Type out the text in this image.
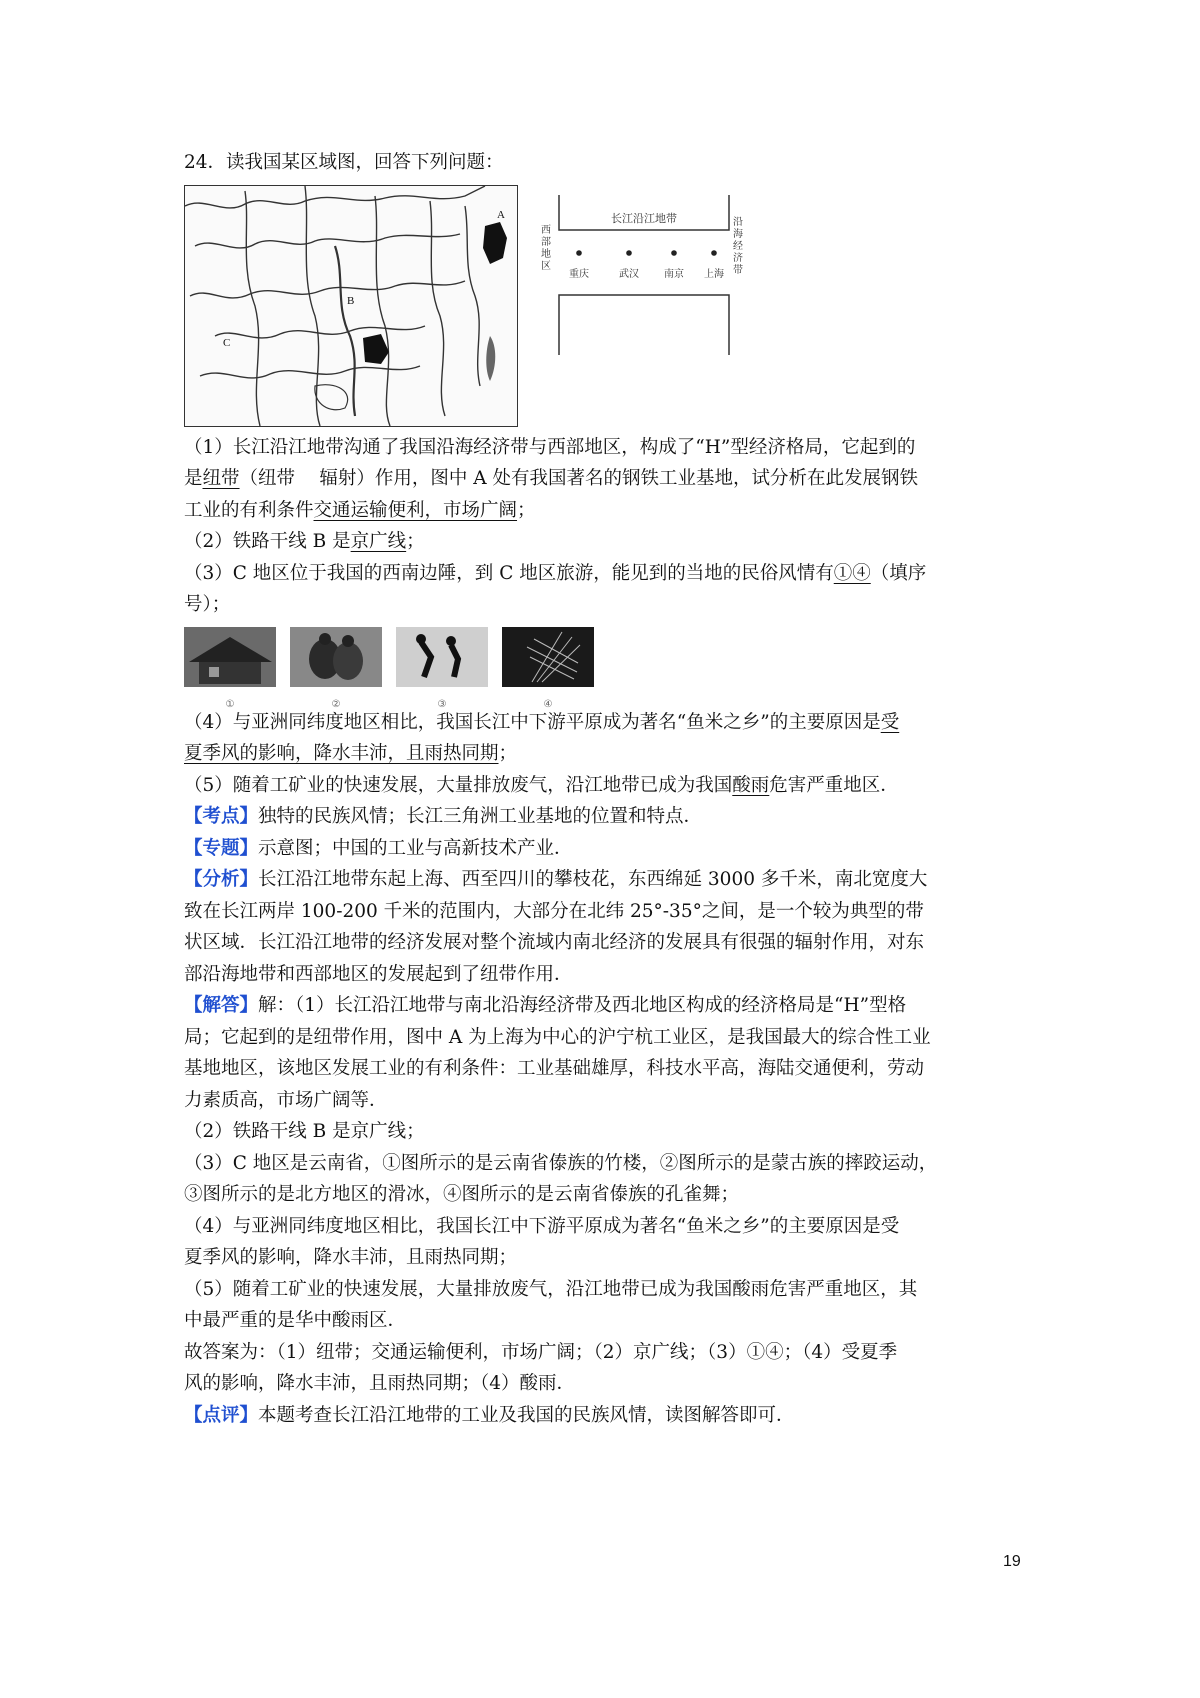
24．读我国某区域图，回答下列问题：
A
B
C
长江沿江地带
重庆	武汉	南京 上海
西部地区
沿海经济带
（1）长江沿江地带沟通了我国沿海经济带与西部地区，构成了“H”型经济格局，它起到的
是纽带（纽带　 辐射）作用，图中 A 处有我国著名的钢铁工业基地，试分析在此发展钢铁
工业的有利条件交通运输便利，市场广阔；
（2）铁路干线 B 是京广线；
（3）C 地区位于我国的西南边陲，到 C 地区旅游，能见到的当地的民俗风情有①④（填序
号）；
①	②	③	④
（4）与亚洲同纬度地区相比，我国长江中下游平原成为著名“鱼米之乡”的主要原因是受
夏季风的影响，降水丰沛，且雨热同期；
（5）随着工矿业的快速发展，大量排放废气，沿江地带已成为我国酸雨危害严重地区．
【考点】独特的民族风情；长江三角洲工业基地的位置和特点．
【专题】示意图；中国的工业与高新技术产业．
【分析】长江沿江地带东起上海、西至四川的攀枝花，东西绵延 3000 多千米，南北宽度大
致在长江两岸 100-200 千米的范围内，大部分在北纬 25°-35°之间，是一个较为典型的带
状区域．长江沿江地带的经济发展对整个流域内南北经济的发展具有很强的辐射作用，对东
部沿海地带和西部地区的发展起到了纽带作用．
【解答】解：（1）长江沿江地带与南北沿海经济带及西北地区构成的经济格局是“H”型格
局；它起到的是纽带作用，图中 A 为上海为中心的沪宁杭工业区，是我国最大的综合性工业
基地地区，该地区发展工业的有利条件：工业基础雄厚，科技水平高，海陆交通便利，劳动
力素质高，市场广阔等．
（2）铁路干线 B 是京广线；
（3）C 地区是云南省，①图所示的是云南省傣族的竹楼，②图所示的是蒙古族的摔跤运动，
③图所示的是北方地区的滑冰，④图所示的是云南省傣族的孔雀舞；
（4）与亚洲同纬度地区相比，我国长江中下游平原成为著名“鱼米之乡”的主要原因是受
夏季风的影响，降水丰沛，且雨热同期；
（5）随着工矿业的快速发展，大量排放废气，沿江地带已成为我国酸雨危害严重地区，其
中最严重的是华中酸雨区．
故答案为：（1）纽带；交通运输便利，市场广阔；（2）京广线；（3）①④；（4）受夏季
风的影响，降水丰沛，且雨热同期；（4）酸雨．
【点评】本题考查长江沿江地带的工业及我国的民族风情，读图解答即可．
19
